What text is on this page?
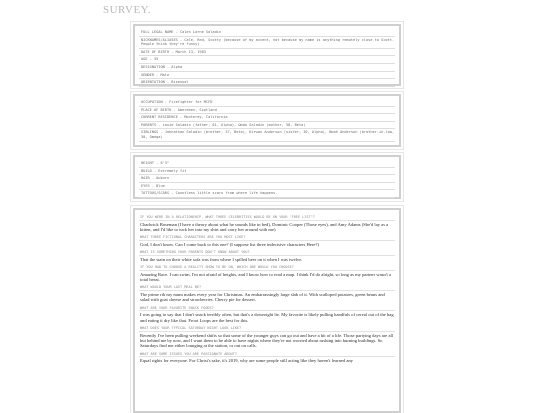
SURVEY.
FULL LEGAL NAME - Calen Lorne Saladin
NICKNAMES/ALIASES - Cale, Red, Scotty (because of my accent, not because my name is anything remotely close to Scott. People think they're funny)
DATE OF BIRTH - March 13, 1983
AGE - 35
DESIGNATION - Alpha
GENDER - Male
ORIENTATION - Bisexual
OCCUPATION - Firefighter for MCFD
PLACE OF BIRTH - Aberdeen, Scotland
CURRENT RESIDENCE - Monterey, California
PARENTS - Louie Saladin (father, 61, Alpha), Omdo Saladin (mother, 58, Beta)
SIBLINGS - Johnathan Saladin (brother, 37, Beta), Kirwan Anderson (sister, 30, Alpha), Noah Anderson (brother-in-law, 30, Omega)
HEIGHT - 6'3"
BUILD - Extremely fit
HAIR - Auburn
EYES - Blue
TATTOOS/SCARS - Countless little scars from where life happens.
IF YOU WERE IN A RELATIONSHIP, WHAT THREE CELEBRITIES WOULD BE ON YOUR "FREE LIST"?
Chadwick Boseman (I have a theory about what he sounds like in bed), Dominic Cooper (Those eyes), and Amy Adams (She'd lay as a kitten, and I'd like to tuck her into my shirt and carry her around with me)
WHAT THREE FICTIONAL CHARACTERS ARE YOU MOST LIKE?
God, I don't know. Can I come back to this one? (I suppose list three indecisive characters Here?)
WHAT IS SOMETHING YOUR PARENTS DON'T KNOW ABOUT YOU?
That the stain on their white sofa was from where I spilled beer on it when I was twelve.
IF YOU HAD TO CHOOSE A REALITY SHOW TO BE ON, WHICH ONE WOULD YOU CHOOSE?
Amazing Race. I can swim, I'm not afraid of heights, and I know how to read a map. I think I'd do alright, so long as my partner wasn't a total beast.
WHAT WOULD YOUR LAST MEAL BE?
The prime rib my mum makes every year for Christmas. An embarrassingly large slab of it. With scalloped potatoes, green beans and salad with goat cheese and strawberries. Cherry pie for dessert.
WHAT ARE YOUR FAVORITE SNACK FOODS?
I was going to say that I don't snack terribly often, but that's a downright lie. My favorite is likely pulling handfuls of cereal out of the bag and eating it dry like that. Froot Loops are the best for this.
WHAT DOES YOUR TYPICAL SATURDAY NIGHT LOOK LIKE?
Recently I've been pulling weekend shifts so that some of the younger guys can go out and have a bit of a life. Those partying days are all but behind me by now, and I want them to be able to have nights where they're not worried about rushing into burning buildings. So Saturdays find me either lounging at the station, or out on calls.
WHAT ARE SOME ISSUES YOU ARE PASSIONATE ABOUT?
Equal rights for everyone. For Christ's sake, it's 2019, why are some people still acting like they haven't learned any
